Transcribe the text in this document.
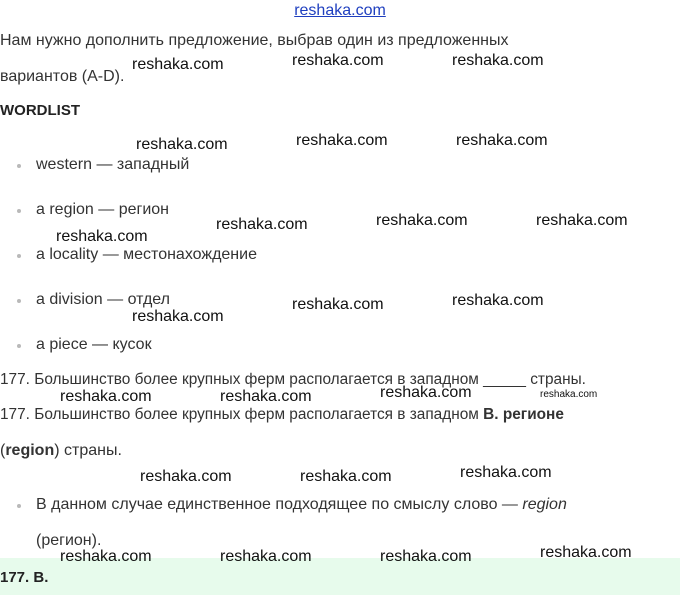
reshaka.com
Нам нужно дополнить предложение, выбрав один из предложенных
вариантов (A-D).
WORDLIST
western — западный
a region — регион
a locality — местонахождение
a division — отдел
a piece — кусок
177. Большинство более крупных ферм располагается в западном _____ страны.
177. Большинство более крупных ферм располагается в западном B. регионе
(region) страны.
В данном случае единственное подходящее по смыслу слово — region
(регион).
177. B.
reshaka.com	reshaka.com	reshaka.com
reshaka.com	reshaka.com	reshaka.com
reshaka.com	reshaka.com	reshaka.com
reshaka.com
reshaka.com	reshaka.com
reshaka.com
reshaka.com	reshaka.com	reshaka.com	reshaka.com
reshaka.com	reshaka.com	reshaka.com
reshaka.com	reshaka.com	reshaka.com	reshaka.com
